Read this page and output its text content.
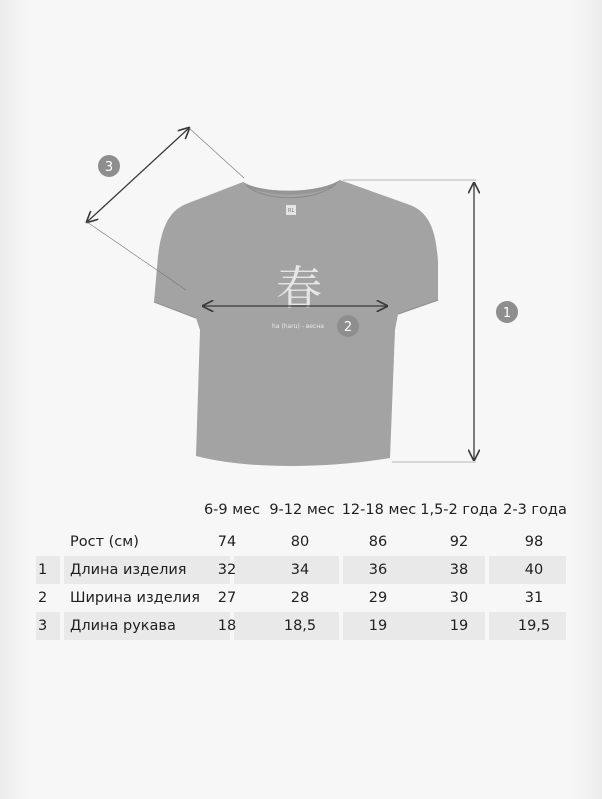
RL
春
ha (haru) - весна
1
2
3
6-9 мес 9-12 мес 12-18 мес 1,5-2 года 2-3 года
Рост (см)	74	80	86	92	98
1	Длина изделия	32	34	36	38	40
2	Ширина изделия	27	28	29	30	31
3	Длина рукава	18	18,5	19	19	19,5
